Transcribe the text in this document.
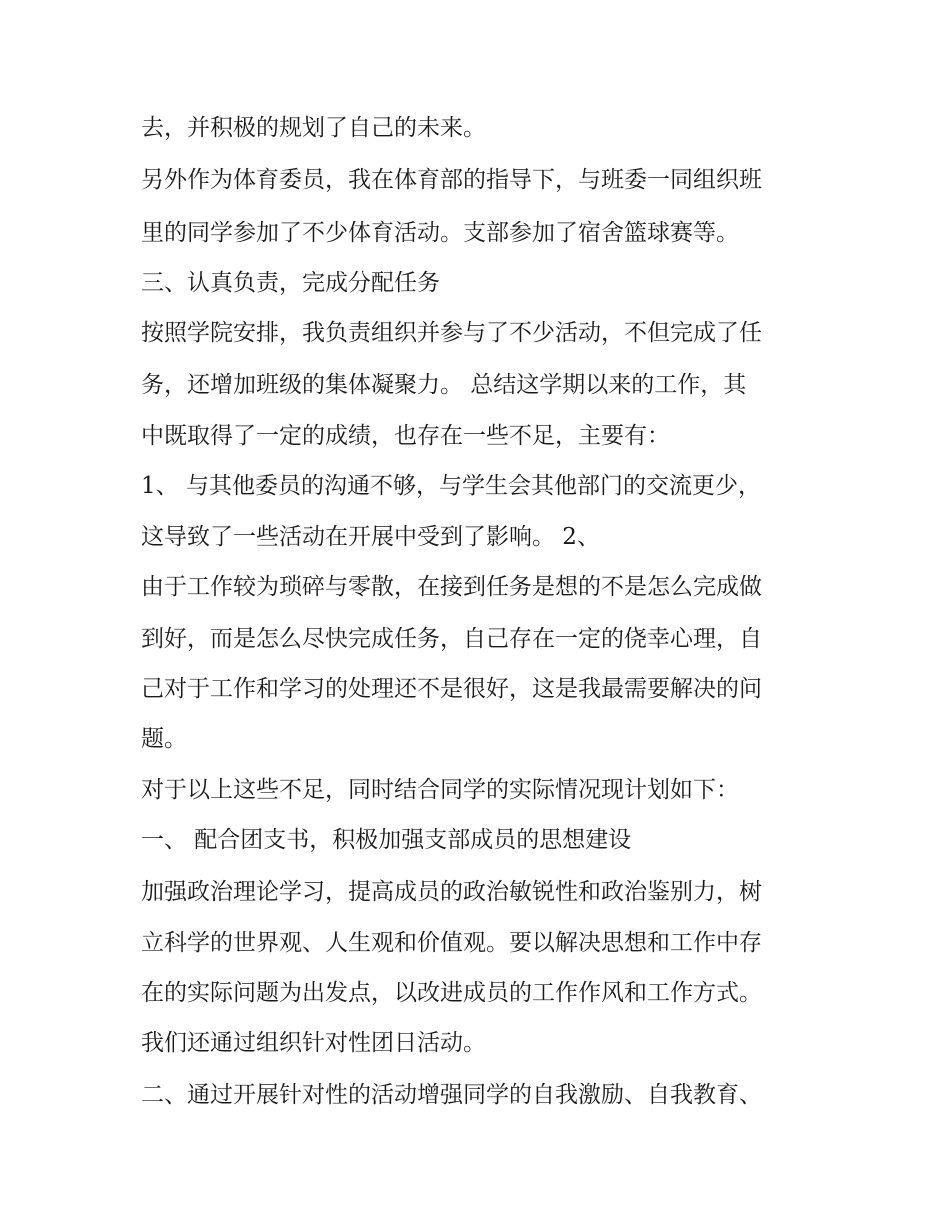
去，并积极的规划了自己的未来。
另外作为体育委员，我在体育部的指导下，与班委一同组织班
里的同学参加了不少体育活动。支部参加了宿舍篮球赛等。
三、认真负责，完成分配任务
按照学院安排，我负责组织并参与了不少活动，不但完成了任
务，还增加班级的集体凝聚力。 总结这学期以来的工作，其
中既取得了一定的成绩，也存在一些不足，主要有：
1、 与其他委员的沟通不够，与学生会其他部门的交流更少，
这导致了一些活动在开展中受到了影响。 2、
由于工作较为琐碎与零散，在接到任务是想的不是怎么完成做
到好，而是怎么尽快完成任务，自己存在一定的侥幸心理，自
己对于工作和学习的处理还不是很好，这是我最需要解决的问
题。
对于以上这些不足，同时结合同学的实际情况现计划如下：
一、 配合团支书，积极加强支部成员的思想建设
加强政治理论学习，提高成员的政治敏锐性和政治鉴别力，树
立科学的世界观、人生观和价值观。要以解决思想和工作中存
在的实际问题为出发点，以改进成员的工作作风和工作方式。
我们还通过组织针对性团日活动。
二、通过开展针对性的活动增强同学的自我激励、自我教育、
